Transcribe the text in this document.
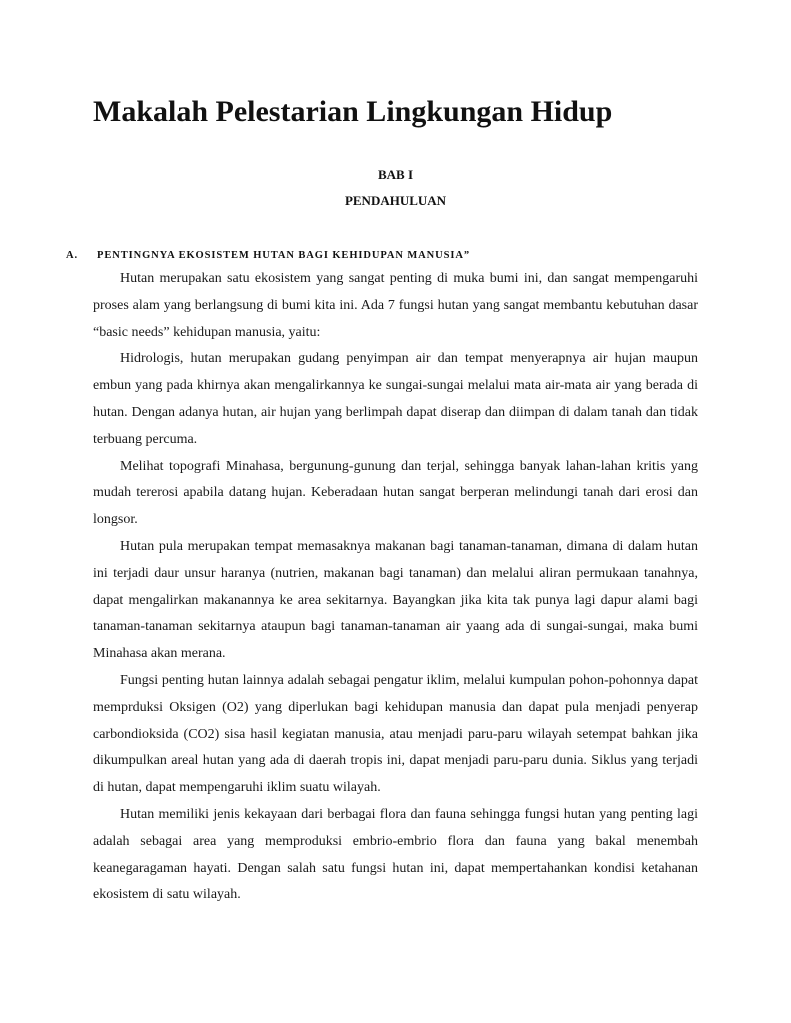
Makalah Pelestarian Lingkungan Hidup
BAB I
PENDAHULUAN
A. PENTINGNYA EKOSISTEM HUTAN BAGI KEHIDUPAN MANUSIA”

Hutan merupakan satu ekosistem yang sangat penting di muka bumi ini, dan sangat mempengaruhi proses alam yang berlangsung di bumi kita ini. Ada 7 fungsi hutan yang sangat membantu kebutuhan dasar “basic needs” kehidupan manusia, yaitu:

Hidrologis, hutan merupakan gudang penyimpan air dan tempat menyerapnya air hujan maupun embun yang pada khirnya akan mengalirkannya ke sungai-sungai melalui mata air-mata air yang berada di hutan. Dengan adanya hutan, air hujan yang berlimpah dapat diserap dan diimpan di dalam tanah dan tidak terbuang percuma.

Melihat topografi Minahasa, bergunung-gunung dan terjal, sehingga banyak lahan-lahan kritis yang mudah tererosi apabila datang hujan. Keberadaan hutan sangat berperan melindungi tanah dari erosi dan longsor.

Hutan pula merupakan tempat memasaknya makanan bagi tanaman-tanaman, dimana di dalam hutan ini terjadi daur unsur haranya (nutrien, makanan bagi tanaman) dan melalui aliran permukaan tanahnya, dapat mengalirkan makanannya ke area sekitarnya. Bayangkan jika kita tak punya lagi dapur alami bagi tanaman-tanaman sekitarnya ataupun bagi tanaman-tanaman air yaang ada di sungai-sungai, maka bumi Minahasa akan merana.

Fungsi penting hutan lainnya adalah sebagai pengatur iklim, melalui kumpulan pohon-pohonnya dapat memprduksi Oksigen (O2) yang diperlukan bagi kehidupan manusia dan dapat pula menjadi penyerap carbondioksida (CO2) sisa hasil kegiatan manusia, atau menjadi paru-paru wilayah setempat bahkan jika dikumpulkan areal hutan yang ada di daerah tropis ini, dapat menjadi paru-paru dunia. Siklus yang terjadi di hutan, dapat mempengaruhi iklim suatu wilayah.

Hutan memiliki jenis kekayaan dari berbagai flora dan fauna sehingga fungsi hutan yang penting lagi adalah sebagai area yang memproduksi embrio-embrio flora dan fauna yang bakal menembah keanegaragaman hayati. Dengan salah satu fungsi hutan ini, dapat mempertahankan kondisi ketahanan ekosistem di satu wilayah.
